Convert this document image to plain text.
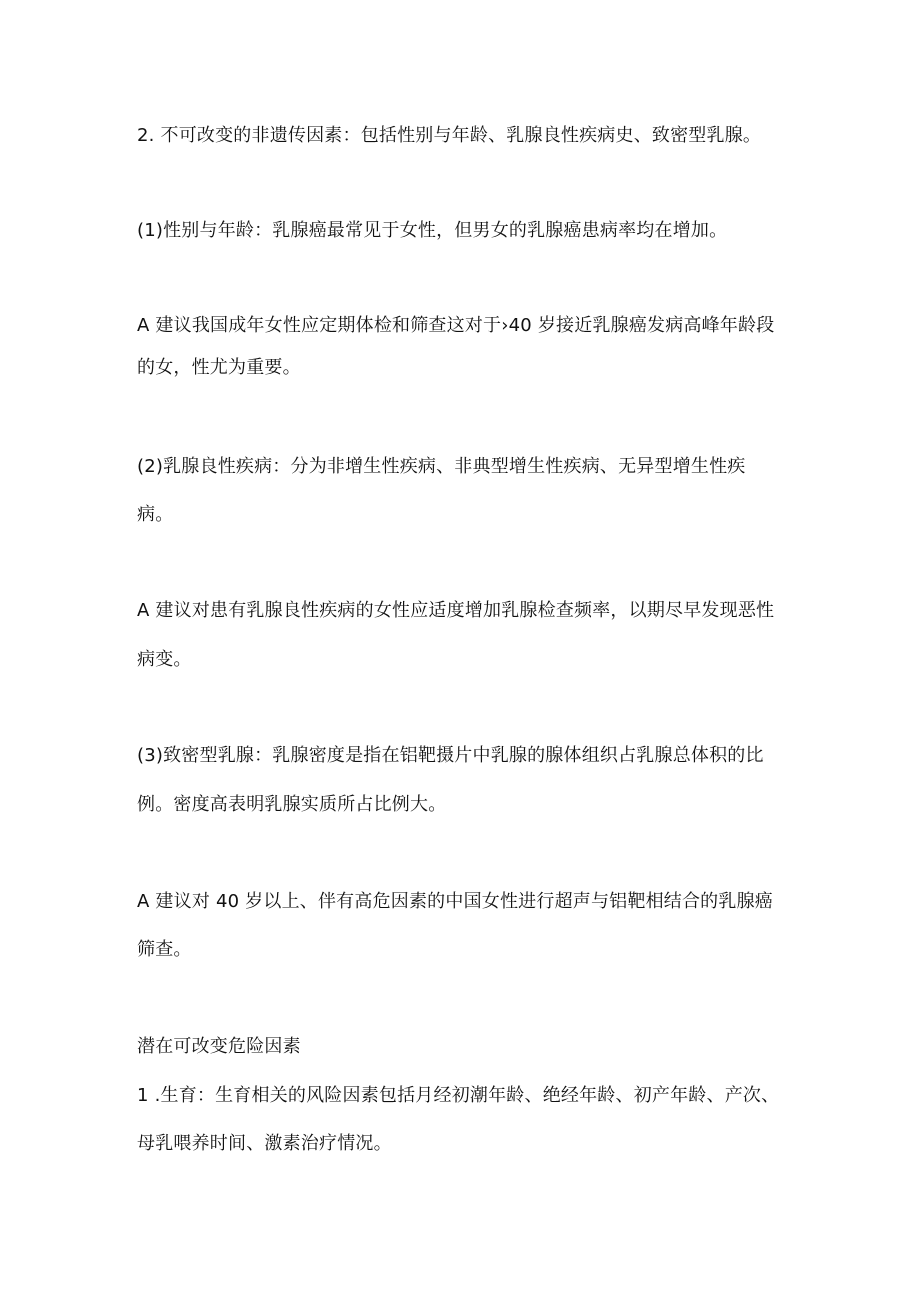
2. 不可改变的非遗传因素：包括性别与年龄、乳腺良性疾病史、致密型乳腺。
(1)性别与年龄：乳腺癌最常见于女性，但男女的乳腺癌患病率均在增加。
A 建议我国成年女性应定期体检和筛查这对于›40 岁接近乳腺癌发病高峰年龄段
的女，性尤为重要。
(2)乳腺良性疾病：分为非增生性疾病、非典型增生性疾病、无异型增生性疾
病。
A 建议对患有乳腺良性疾病的女性应适度增加乳腺检查频率，以期尽早发现恶性
病变。
(3)致密型乳腺：乳腺密度是指在铝靶摄片中乳腺的腺体组织占乳腺总体积的比
例。密度高表明乳腺实质所占比例大。
A 建议对 40 岁以上、伴有高危因素的中国女性进行超声与铝靶相结合的乳腺癌
筛查。
潜在可改变危险因素
1 .生育：生育相关的风险因素包括月经初潮年龄、绝经年龄、初产年龄、产次、
母乳喂养时间、激素治疗情况。
